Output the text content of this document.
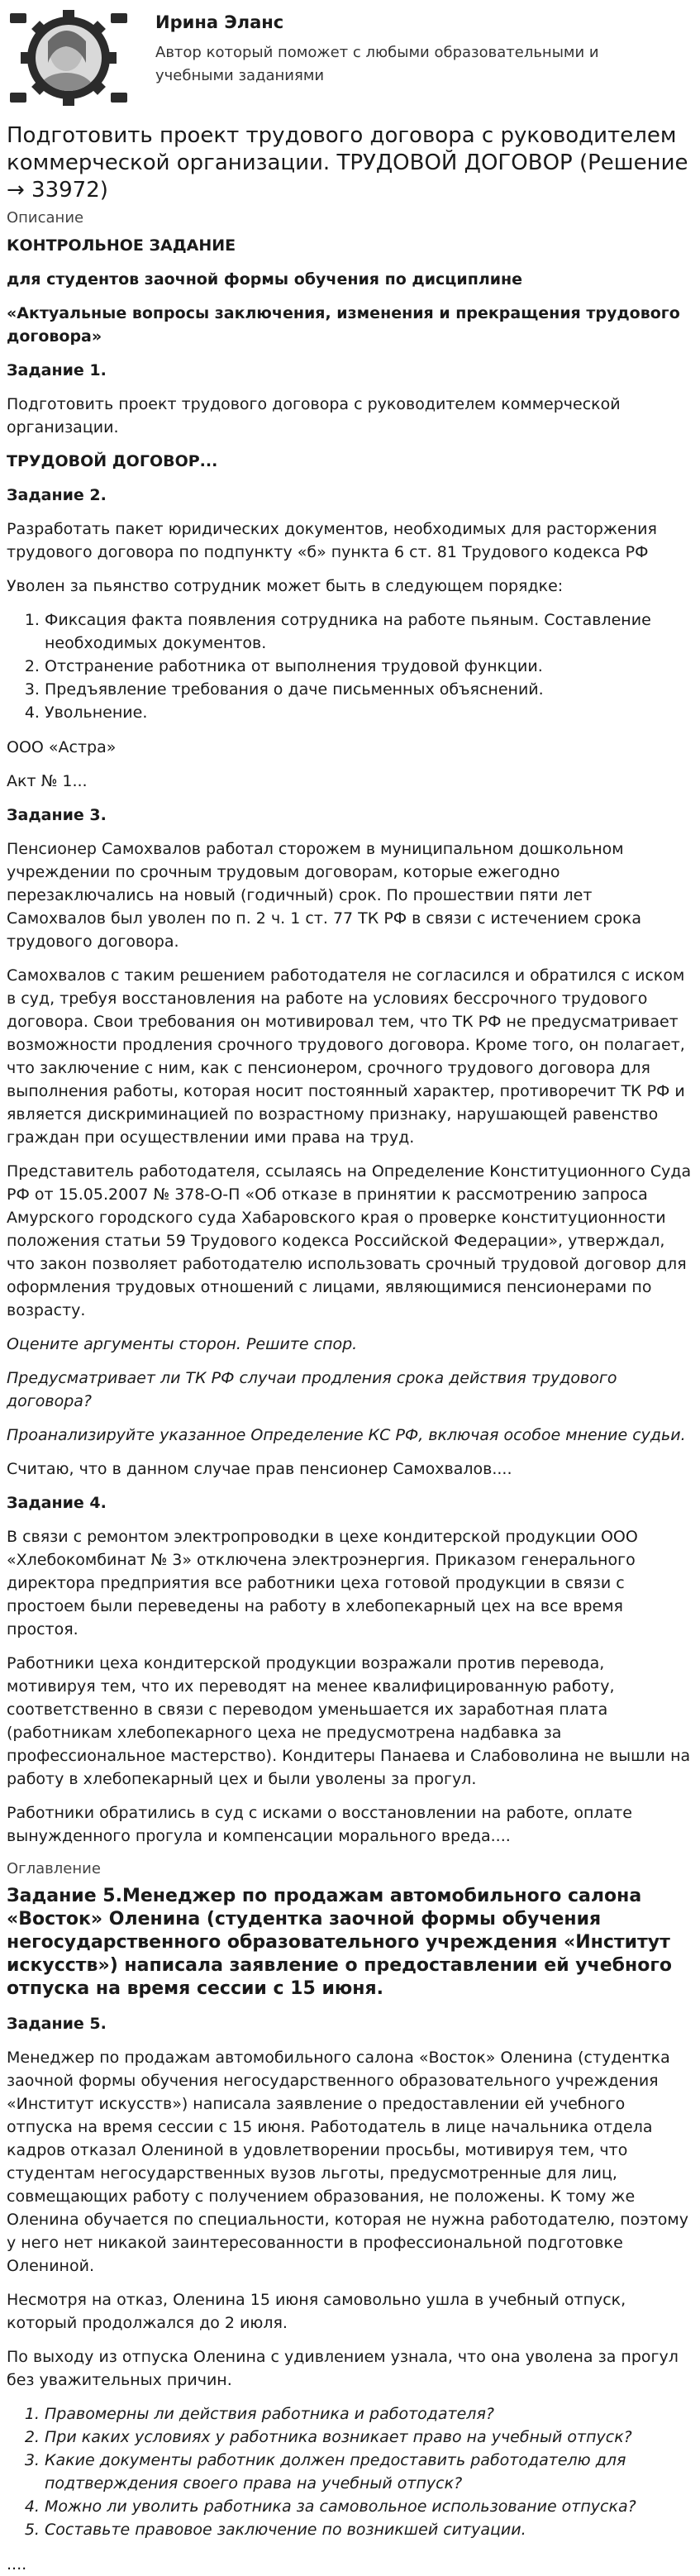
Ирина Эланс
Автор который поможет с любыми образовательными и учебными заданиями
Подготовить проект трудового договора с руководителем коммерческой организации. ТРУДОВОЙ ДОГОВОР (Решение → 33972)
Описание

КОНТРОЛЬНОЕ ЗАДАНИЕ

для студентов заочной формы обучения по дисциплине

«Актуальные вопросы заключения, изменения и прекращения трудового договора»

Задание 1.

Подготовить проект трудового договора с руководителем коммерческой организации.

ТРУДОВОЙ ДОГОВОР...

Задание 2.

Разработать пакет юридических документов, необходимых для расторжения трудового договора по подпункту «б» пункта 6 ст. 81 Трудового кодекса РФ

Уволен за пьянство сотрудник может быть в следующем порядке:

1. Фиксация факта появления сотрудника на работе пьяным. Составление необходимых документов.
2. Отстранение работника от выполнения трудовой функции.
3. Предъявление требования о даче письменных объяснений.
4. Увольнение.

ООО «Астра»

Акт № 1...

Задание 3.

Пенсионер Самохвалов работал сторожем в муниципальном дошкольном учреждении по срочным трудовым договорам, которые ежегодно перезаключались на новый (годичный) срок. По прошествии пяти лет Самохвалов был уволен по п. 2 ч. 1 ст. 77 ТК РФ в связи с истечением срока трудового договора.

Самохвалов с таким решением работодателя не согласился и обратился с иском в суд, требуя восстановления на работе на условиях бессрочного трудового договора. Свои требования он мотивировал тем, что ТК РФ не предусматривает возможности продления срочного трудового договора. Кроме того, он полагает, что заключение с ним, как с пенсионером, срочного трудового договора для выполнения работы, которая носит постоянный характер, противоречит ТК РФ и является дискриминацией по возрастному признаку, нарушающей равенство граждан при осуществлении ими права на труд.

Представитель работодателя, ссылаясь на Определение Конституционного Суда РФ от 15.05.2007 № 378-О-П «Об отказе в принятии к рассмотрению запроса Амурского городского суда Хабаровского края о проверке конституционности положения статьи 59 Трудового кодекса Российской Федерации», утверждал, что закон позволяет работодателю использовать срочный трудовой договор для оформления трудовых отношений с лицами, являющимися пенсионерами по возрасту.

Оцените аргументы сторон. Решите спор.

Предусматривает ли ТК РФ случаи продления срока действия трудового договора?

Проанализируйте указанное Определение КС РФ, включая особое мнение судьи.

Считаю, что в данном случае прав пенсионер Самохвалов....

Задание 4.

В связи с ремонтом электропроводки в цехе кондитерской продукции ООО «Хлебокомбинат № 3» отключена электроэнергия. Приказом генерального директора предприятия все работники цеха готовой продукции в связи с простоем были переведены на работу в хлебопекарный цех на все время простоя.

Работники цеха кондитерской продукции возражали против перевода, мотивируя тем, что их переводят на менее квалифицированную работу, соответственно в связи с переводом уменьшается их заработная плата (работникам хлебопекарного цеха не предусмотрена надбавка за профессиональное мастерство). Кондитеры Панаева и Слабоволина не вышли на работу в хлебопекарный цех и были уволены за прогул.

Работники обратились в суд с исками о восстановлении на работе, оплате вынужденного прогула и компенсации морального вреда....

Оглавление
Задание 5.Менеджер по продажам автомобильного салона «Восток» Оленина (студентка заочной формы обучения негосударственного образовательного учреждения «Институт искусств») написала заявление о предоставлении ей учебного отпуска на время сессии с 15 июня.

Задание 5.

Менеджер по продажам автомобильного салона «Восток» Оленина (студентка заочной формы обучения негосударственного образовательного учреждения «Институт искусств») написала заявление о предоставлении ей учебного отпуска на время сессии с 15 июня. Работодатель в лице начальника отдела кадров отказал Олениной в удовлетворении просьбы, мотивируя тем, что студентам негосударственных вузов льготы, предусмотренные для лиц, совмещающих работу с получением образования, не положены. К тому же Оленина обучается по специальности, которая не нужна работодателю, поэтому у него нет никакой заинтересованности в профессиональной подготовке Олениной.

Несмотря на отказ, Оленина 15 июня самовольно ушла в учебный отпуск, который продолжался до 2 июля.

По выходу из отпуска Оленина с удивлением узнала, что она уволена за прогул без уважительных причин.

1. Правомерны ли действия работника и работодателя?
2. При каких условиях у работника возникает право на учебный отпуск?
3. Какие документы работник должен предоставить работодателю для подтверждения своего права на учебный отпуск?
4. Можно ли уволить работника за самовольное использование отпуска?
5. Составьте правовое заключение по возникшей ситуации.

....
